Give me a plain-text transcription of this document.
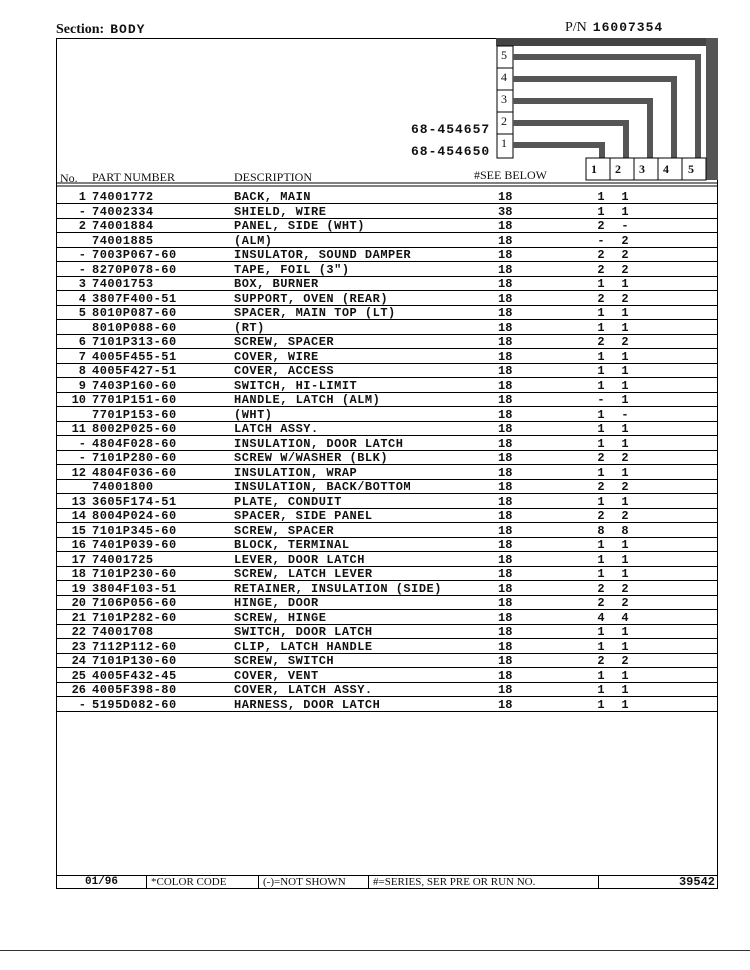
Section: BODY	P/N 16007354
5
4
3
2
1
1 2 3 4 5
68-454657
68-454650
No. PART NUMBER	DESCRIPTION	#SEE BELOW
1 74001772	BACK, MAIN	18	1 1
- 74002334	SHIELD, WIRE	38	1 1
2 74001884	PANEL, SIDE (WHT)	18	2 -
74001885	(ALM)	18	- 2
- 7003P067-60	INSULATOR, SOUND DAMPER	18	2 2
- 8270P078-60	TAPE, FOIL (3")	18	2 2
3 74001753	BOX, BURNER	18	1 1
4 3807F400-51	SUPPORT, OVEN (REAR)	18	2 2
5 8010P087-60	SPACER, MAIN TOP (LT)	18	1 1
8010P088-60	(RT)	18	1 1
6 7101P313-60	SCREW, SPACER	18	2 2
7 4005F455-51	COVER, WIRE	18	1 1
8 4005F427-51	COVER, ACCESS	18	1 1
9 7403P160-60	SWITCH, HI-LIMIT	18	1 1
10 7701P151-60	HANDLE, LATCH (ALM)	18	- 1
7701P153-60	(WHT)	18	1 -
11 8002P025-60	LATCH ASSY.	18	1 1
- 4804F028-60	INSULATION, DOOR LATCH	18	1 1
- 7101P280-60	SCREW W/WASHER (BLK)	18	2 2
12 4804F036-60	INSULATION, WRAP	18	1 1
74001800	INSULATION, BACK/BOTTOM	18	2 2
13 3605F174-51	PLATE, CONDUIT	18	1 1
14 8004P024-60	SPACER, SIDE PANEL	18	2 2
15 7101P345-60	SCREW, SPACER	18	8 8
16 7401P039-60	BLOCK, TERMINAL	18	1 1
17 74001725	LEVER, DOOR LATCH	18	1 1
18 7101P230-60	SCREW, LATCH LEVER	18	1 1
19 3804F103-51	RETAINER, INSULATION (SIDE)	18	2 2
20 7106P056-60	HINGE, DOOR	18	2 2
21 7101P282-60	SCREW, HINGE	18	4 4
22 74001708	SWITCH, DOOR LATCH	18	1 1
23 7112P112-60	CLIP, LATCH HANDLE	18	1 1
24 7101P130-60	SCREW, SWITCH	18	2 2
25 4005F432-45	COVER, VENT	18	1 1
26 4005F398-80	COVER, LATCH ASSY.	18	1 1
- 5195D082-60	HARNESS, DOOR LATCH	18	1 1
01/96	*COLOR CODE	(-)=NOT SHOWN	#=SERIES, SER PRE OR RUN NO.	39542
